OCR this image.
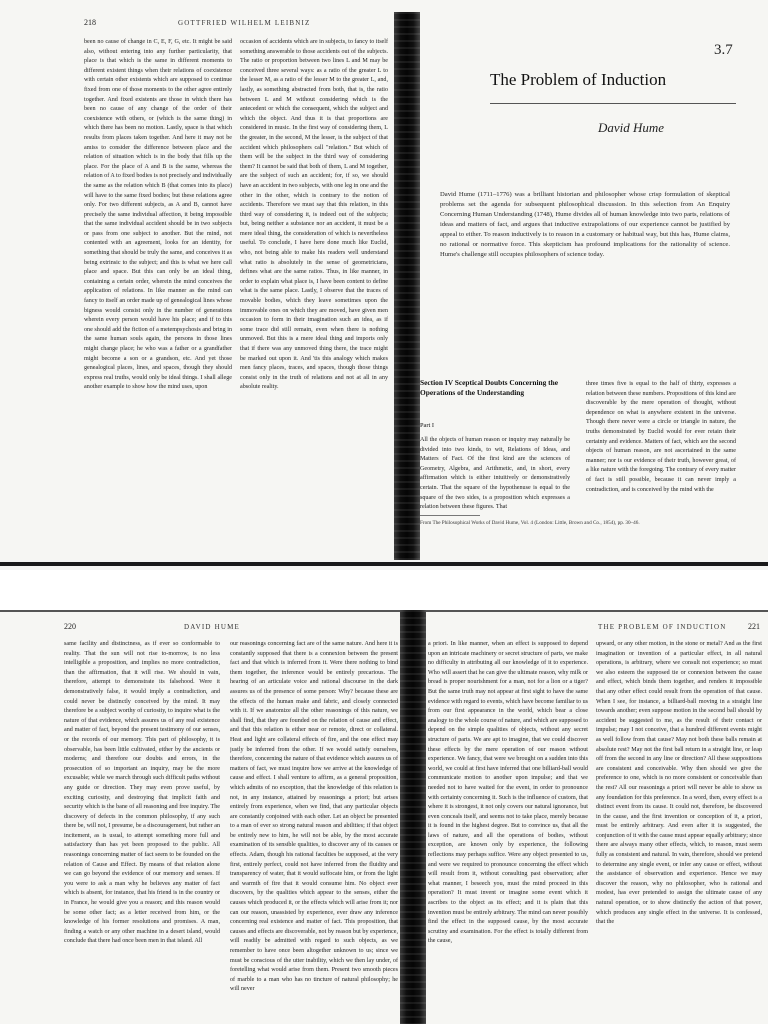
218	GOTTFRIED WILHELM LEIBNIZ

been no cause of change in C, E, F, G, etc. It might be said also, without entering into any further particularity, that place is that which is the same in different moments to different existent things when their relations of coexistence with certain other existents which are supposed to continue fixed from one of those moments to the other agree entirely together. And fixed existents are those in which there has been no cause of any change of the order of their coexistence with others, or (which is the same thing) in which there has been no motion. Lastly, space is that which results from places taken together. And here it may not be amiss to consider the difference between place and the relation of situation which is in the body that fills up the place. For the place of A and B is the same, whereas the relation of A to fixed bodies is not precisely and individually the same as the relation which B (that comes into its place) will have to the same fixed bodies; but these relations agree only. For two different subjects, as A and B, cannot have precisely the same individual affection, it being impossible that the same individual accident should be in two subjects or pass from one subject to another. But the mind, not contented with an agreement, looks for an identity, for something that should be truly the same, and conceives it as being extrinsic to the subject; and this is what we here call place and space. But this can only be an ideal thing, containing a certain order, wherein the mind conceives the application of relations. In like manner as the mind can fancy to itself an order made up of genealogical lines whose bigness would consist only in the number of generations wherein every person would have his place; and if to this one should add the fiction of a metempsychosis and bring in the same human souls again, the persons in those lines might change place; he who was a father or a grandfather might become a son or a grandson, etc. And yet those genealogical places, lines, and spaces, though they should express real truths, would only be ideal things. I shall allege another example to show how the mind uses, upon

occasion of accidents which are in subjects, to fancy to itself something answerable to those accidents out of the subjects. The ratio or proportion between two lines L and M may be conceived three several ways: as a ratio of the greater L to the lesser M, as a ratio of the lesser M to the greater L, and, lastly, as something abstracted from both, that is, the ratio between L and M without considering which is the antecedent or which the consequent, which the subject and which the object. And thus it is that proportions are considered in music. In the first way of considering them, L the greater, in the second, M the lesser, is the subject of that accident which philosophers call "relation." But which of them will be the subject in the third way of considering them? It cannot be said that both of them, L and M together, are the subject of such an accident; for, if so, we should have an accident in two subjects, with one leg in one and the other in the other, which is contrary to the notion of accidents. Therefore we must say that this relation, in this third way of considering it, is indeed out of the subjects; but, being neither a substance nor an accident, it must be a mere ideal thing, the consideration of which is nevertheless useful. To conclude, I have here done much like Euclid, who, not being able to make his readers well understand what ratio is absolutely in the sense of geometricians, defines what are the same ratios. Thus, in like manner, in order to explain what place is, I have been content to define what is the same place. Lastly, I observe that the traces of movable bodies, which they leave sometimes upon the immovable ones on which they are moved, have given men occasion to form in their imagination such an idea, as if some trace did still remain, even when there is nothing unmoved. But this is a mere ideal thing and imports only that if there was any unmoved thing there, the trace might be marked out upon it. And 'tis this analogy which makes men fancy places, traces, and spaces, though those things consist only in the truth of relations and not at all in any absolute reality.

3.7
The Problem of Induction
David Hume
David Hume (1711–1776) was a brilliant historian and philosopher whose crisp formulation of skeptical problems set the agenda for subsequent philosophical discussion. In this selection from An Enquiry Concerning Human Understanding (1748), Hume divides all of human knowledge into two parts, relations of ideas and matters of fact, and argues that inductive extrapolations of our experience cannot be justified by appeal to either. To reason inductively is to reason in a customary or habitual way, but this has, Hume claims, no rational or normative force. This skepticism has profound implications for the rationality of science. Hume's challenge still occupies philosophers of science today.
Section IV Sceptical Doubts Concerning the Operations of the Understanding
Part I
All the objects of human reason or inquiry may naturally be divided into two kinds, to wit, Relations of Ideas, and Matters of Fact. Of the first kind are the sciences of Geometry, Algebra, and Arithmetic, and, in short, every affirmation which is either intuitively or demonstratively certain. That the square of the hypothenuse is equal to the square of the two sides, is a proposition which expresses a relation between these figures. That
three times five is equal to the half of thirty, expresses a relation between these numbers. Propositions of this kind are discoverable by the mere operation of thought, without dependence on what is anywhere existent in the universe. Though there never were a circle or triangle in nature, the truths demonstrated by Euclid would for ever retain their certainty and evidence. Matters of fact, which are the second objects of human reason, are not ascertained in the same manner; nor is our evidence of their truth, however great, of a like nature with the foregoing. The contrary of every matter of fact is still possible, because it can never imply a contradiction, and is conceived by the mind with the
From The Philosophical Works of David Hume, Vol. 4 (London: Little, Brown and Co., 1854), pp. 30–46.
220	DAVID HUME
same facility and distinctness, as if ever so conformable to reality. That the sun will not rise to-morrow, is no less intelligible a proposition, and implies no more contradiction, than the affirmation, that it will rise. We should in vain, therefore, attempt to demonstrate its falsehood. Were it demonstratively false, it would imply a contradiction, and could never be distinctly conceived by the mind. It may therefore be a subject worthy of curiosity, to inquire what is the nature of that evidence, which assures us of any real existence and matter of fact, beyond the present testimony of our senses, or the records of our memory. This part of philosophy, it is observable, has been little cultivated, either by the ancients or moderns; and therefore our doubts and errors, in the prosecution of so important an inquiry, may be the more excusable; while we march through such difficult paths without any guide or direction. They may even prove useful, by exciting curiosity, and destroying that implicit faith and security which is the bane of all reasoning and free inquiry. The discovery of defects in the common philosophy, if any such there be, will not, I presume, be a discouragement, but rather an incitement, as is usual, to attempt something more full and satisfactory than has yet been proposed to the public. All reasonings concerning matter of fact seem to be founded on the relation of Cause and Effect. By means of that relation alone we can go beyond the evidence of our memory and senses. If you were to ask a man why he believes any matter of fact which is absent, for instance, that his friend is in the country or in France, he would give you a reason; and this reason would be some other fact; as a letter received from him, or the knowledge of his former resolutions and promises. A man, finding a watch or any other machine in a desert island, would conclude that there had once been men in that island. All
our reasonings concerning fact are of the same nature. And here it is constantly supposed that there is a connexion between the present fact and that which is inferred from it. Were there nothing to bind them together, the inference would be entirely precarious. The hearing of an articulate voice and rational discourse in the dark assures us of the presence of some person: Why? because these are the effects of the human make and fabric, and closely connected with it. If we anatomize all the other reasonings of this nature, we shall find, that they are founded on the relation of cause and effect, and that this relation is either near or remote, direct or collateral. Heat and light are collateral effects of fire, and the one effect may justly be inferred from the other. If we would satisfy ourselves, therefore, concerning the nature of that evidence which assures us of matters of fact, we must inquire how we arrive at the knowledge of cause and effect. I shall venture to affirm, as a general proposition, which admits of no exception, that the knowledge of this relation is not, in any instance, attained by reasonings a priori; but arises entirely from experience, when we find, that any particular objects are constantly conjoined with each other. Let an object be presented to a man of ever so strong natural reason and abilities; if that object be entirely new to him, he will not be able, by the most accurate examination of its sensible qualities, to discover any of its causes or effects. Adam, though his rational faculties be supposed, at the very first, entirely perfect, could not have inferred from the fluidity and transparency of water, that it would suffocate him, or from the light and warmth of fire that it would consume him. No object ever discovers, by the qualities which appear to the senses, either the causes which produced it, or the effects which will arise from it; nor can our reason, unassisted by experience, ever draw any inference concerning real existence and matter of fact. This proposition, that causes and effects are discoverable, not by reason but by experience, will readily be admitted with regard to such objects, as we remember to have once been altogether unknown to us; since we must be conscious of the utter inability, which we then lay under, of foretelling what would arise from them. Present two smooth pieces of marble to a man who has no tincture of natural philosophy; he will never
THE PROBLEM OF INDUCTION	221
a priori. In like manner, when an effect is supposed to depend upon an intricate machinery or secret structure of parts, we make no difficulty in attributing all our knowledge of it to experience. Who will assert that he can give the ultimate reason, why milk or bread is proper nourishment for a man, not for a lion or a tiger? But the same truth may not appear at first sight to have the same evidence with regard to events, which have become familiar to us from our first appearance in the world, which bear a close analogy to the whole course of nature, and which are supposed to depend on the simple qualities of objects, without any secret structure of parts. We are apt to imagine, that we could discover these effects by the mere operation of our reason without experience. We fancy, that were we brought on a sudden into this world, we could at first have inferred that one billiard-ball would communicate motion to another upon impulse; and that we needed not to have waited for the event, in order to pronounce with certainty concerning it. Such is the influence of custom, that where it is strongest, it not only covers our natural ignorance, but even conceals itself, and seems not to take place, merely because it is found in the highest degree. But to convince us, that all the laws of nature, and all the operations of bodies, without exception, are known only by experience, the following reflections may perhaps suffice. Were any object presented to us, and were we required to pronounce concerning the effect which will result from it, without consulting past observation; after what manner, I beseech you, must the mind proceed in this operation? It must invent or imagine some event which it ascribes to the object as its effect; and it is plain that this invention must be entirely arbitrary. The mind can never possibly find the effect in the supposed cause, by the most accurate scrutiny and examination. For the effect is totally different from the cause,
upward, or any other motion, in the stone or metal? And as the first imagination or invention of a particular effect, in all natural operations, is arbitrary, where we consult not experience; so must we also esteem the supposed tie or connexion between the cause and effect, which binds them together, and renders it impossible that any other effect could result from the operation of that cause. When I see, for instance, a billiard-ball moving in a straight line towards another; even suppose motion in the second ball should by accident be suggested to me, as the result of their contact or impulse; may I not conceive, that a hundred different events might as well follow from that cause? May not both these balls remain at absolute rest? May not the first ball return in a straight line, or leap off from the second in any line or direction? All these suppositions are consistent and conceivable. Why then should we give the preference to one, which is no more consistent or conceivable than the rest? All our reasonings a priori will never be able to show us any foundation for this preference. In a word, then, every effect is a distinct event from its cause. It could not, therefore, be discovered in the cause, and the first invention or conception of it, a priori, must be entirely arbitrary. And even after it is suggested, the conjunction of it with the cause must appear equally arbitrary; since there are always many other effects, which, to reason, must seem fully as consistent and natural. In vain, therefore, should we pretend to determine any single event, or infer any cause or effect, without the assistance of observation and experience. Hence we may discover the reason, why no philosopher, who is rational and modest, has ever pretended to assign the ultimate cause of any natural operation, or to show distinctly the action of that power, which produces any single effect in the universe. It is confessed, that the
